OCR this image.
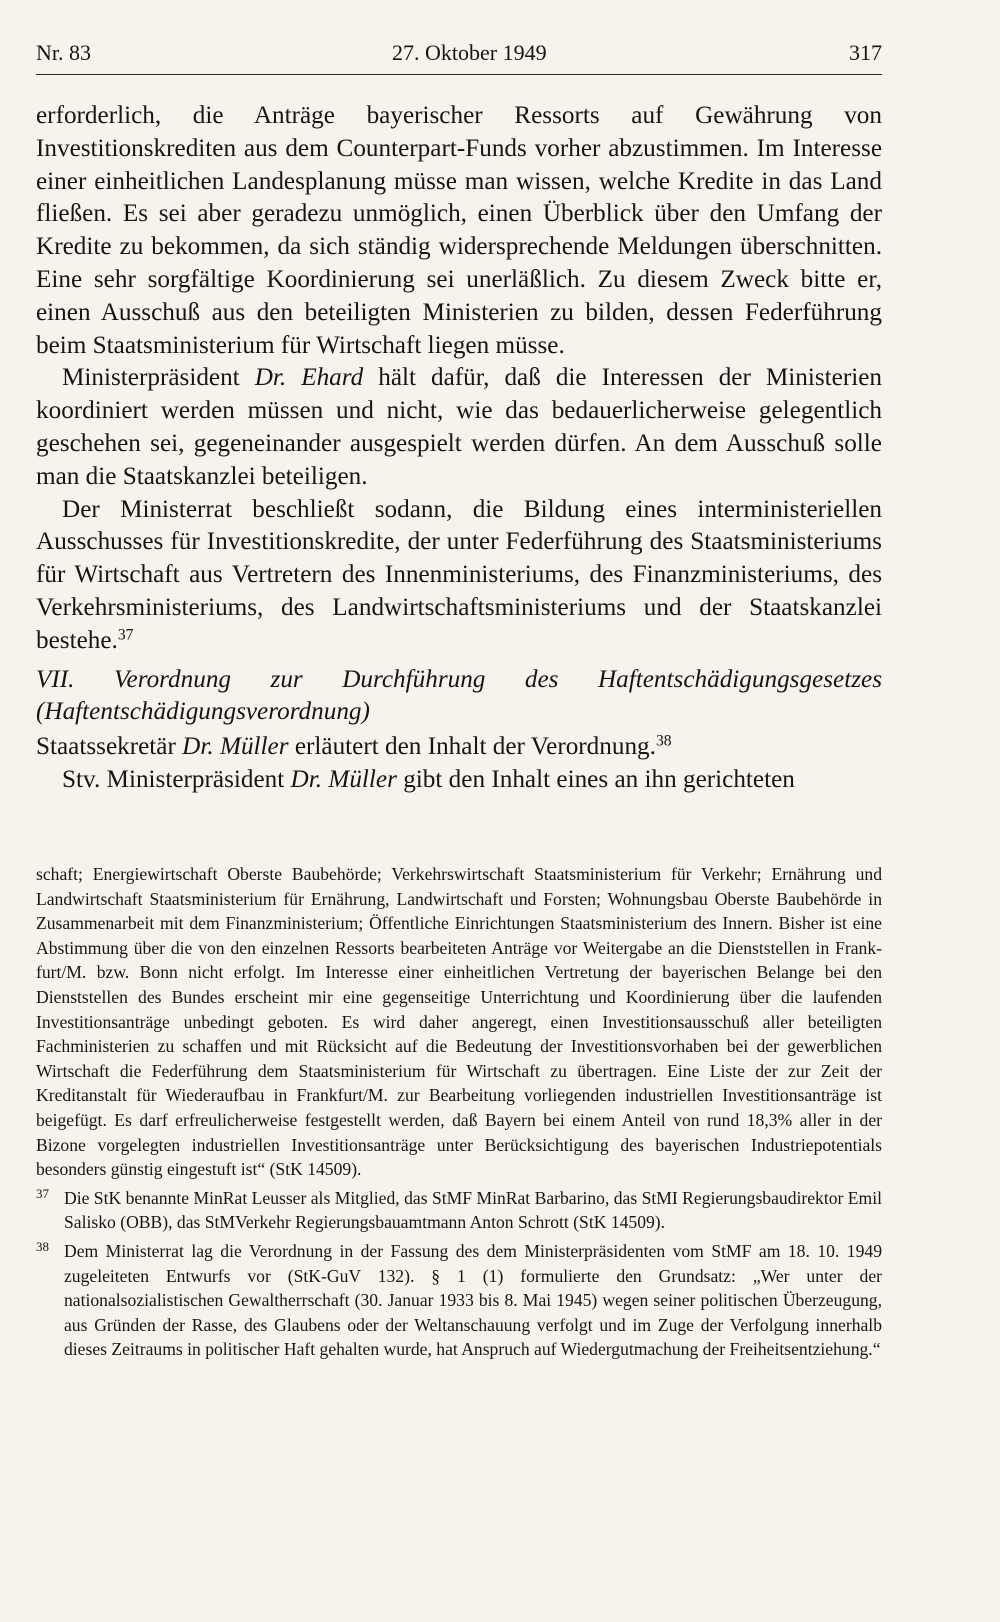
Nr. 83	27. Oktober 1949	317

erforderlich, die Anträge bayerischer Ressorts auf Gewährung von Investitionskrediten aus dem Counterpart-Funds vorher abzustimmen. Im Interesse einer einheitlichen Landesplanung müsse man wissen, welche Kredite in das Land fließen. Es sei aber geradezu unmöglich, einen Überblick über den Umfang der Kredite zu bekommen, da sich ständig widersprechende Meldungen überschnitten. Eine sehr sorgfältige Koordinierung sei unerläßlich. Zu diesem Zweck bitte er, einen Ausschuß aus den beteiligten Ministerien zu bilden, dessen Federführung beim Staatsministerium für Wirtschaft liegen müsse.

Ministerpräsident Dr. Ehard hält dafür, daß die Interessen der Ministerien koordiniert werden müssen und nicht, wie das bedauerlicherweise gelegentlich geschehen sei, gegeneinander ausgespielt werden dürfen. An dem Ausschuß solle man die Staatskanzlei beteiligen.

Der Ministerrat beschließt sodann, die Bildung eines interministeriellen Ausschusses für Investitionskredite, der unter Federführung des Staatsministeriums für Wirtschaft aus Vertretern des Innenministeriums, des Finanzministeriums, des Verkehrsministeriums, des Landwirtschaftsministeriums und der Staatskanzlei bestehe.$^{37}$

VII. Verordnung zur Durchführung des Haftentschädigungsgesetzes (Haftentschädigungsverordnung)

Staatssekretär Dr. Müller erläutert den Inhalt der Verordnung.$^{38}$

Stv. Ministerpräsident Dr. Müller gibt den Inhalt eines an ihn gerichteten

schaft; Energiewirtschaft Oberste Baubehörde; Verkehrswirtschaft Staatsministerium für Verkehr; Ernährung und Landwirtschaft Staatsministerium für Ernährung, Landwirtschaft und Forsten; Wohnungsbau Oberste Baubehörde in Zusammenarbeit mit dem Finanzministerium; Öffentliche Einrichtungen Staatsministerium des Innern. Bisher ist eine Abstimmung über die von den einzelnen Ressorts bearbeiteten Anträge vor Weitergabe an die Dienststellen in Frankfurt/M. bzw. Bonn nicht erfolgt. Im Interesse einer einheitlichen Vertretung der bayerischen Belange bei den Dienststellen des Bundes erscheint mir eine gegenseitige Unterrichtung und Koordinierung über die laufenden Investitionsanträge unbedingt geboten. Es wird daher angeregt, einen Investitionsausschuß aller beteiligten Fachministerien zu schaffen und mit Rücksicht auf die Bedeutung der Investitionsvorhaben bei der gewerblichen Wirtschaft die Federführung dem Staatsministerium für Wirtschaft zu übertragen. Eine Liste der zur Zeit der Kreditanstalt für Wiederaufbau in Frankfurt/M. zur Bearbeitung vorliegenden industriellen Investitionsanträge ist beigefügt. Es darf erfreulicherweise festgestellt werden, daß Bayern bei einem Anteil von rund 18,3% aller in der Bizone vorgelegten industriellen Investitionsanträge unter Berücksichtigung des bayerischen Industriepotentials besonders günstig eingestuft ist“ (StK 14509).

37 Die StK benannte MinRat Leusser als Mitglied, das StMF MinRat Barbarino, das StMI Regierungsbaudirektor Emil Salisko (OBB), das StMVerkehr Regierungsbauamtmann Anton Schrott (StK 14509).

38 Dem Ministerrat lag die Verordnung in der Fassung des dem Ministerpräsidenten vom StMF am 18. 10. 1949 zugeleiteten Entwurfs vor (StK-GuV 132). § 1 (1) formulierte den Grundsatz: „Wer unter der nationalsozialistischen Gewaltherrschaft (30. Januar 1933 bis 8. Mai 1945) wegen seiner politischen Überzeugung, aus Gründen der Rasse, des Glaubens oder der Weltanschauung verfolgt und im Zuge der Verfolgung innerhalb dieses Zeitraums in politischer Haft gehalten wurde, hat Anspruch auf Wiedergutmachung der Freiheitsentziehung.“
